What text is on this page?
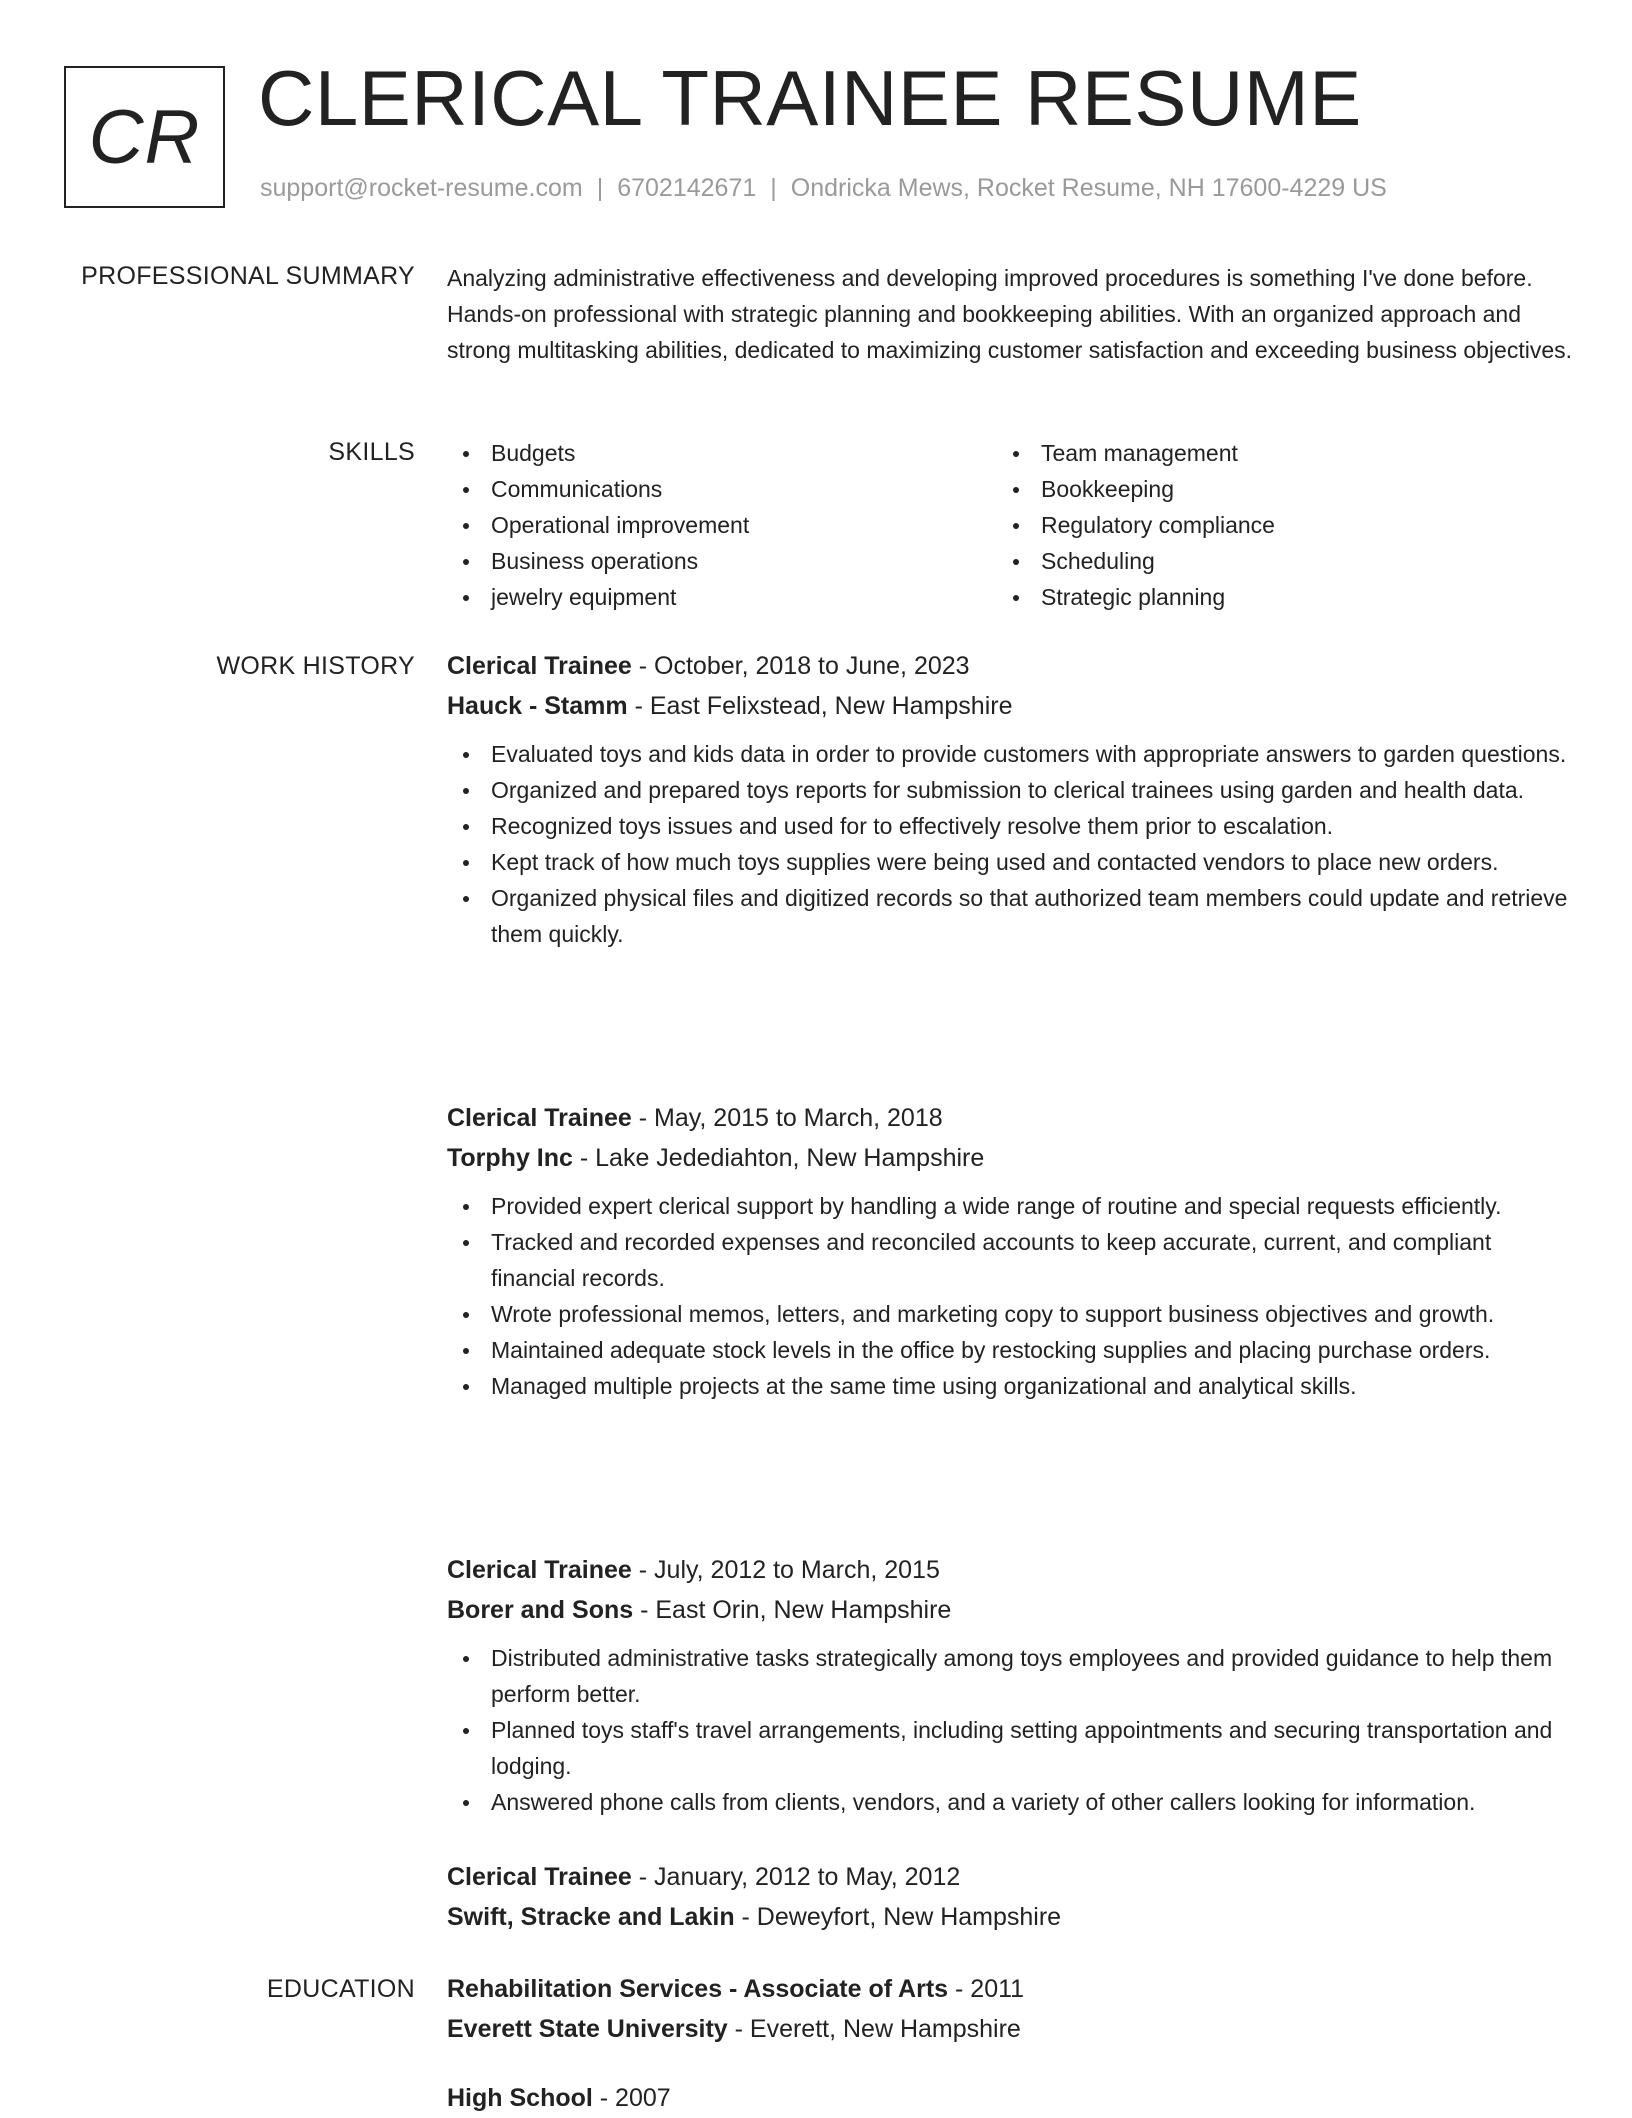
CR CLERICAL TRAINEE RESUME
support@rocket-resume.com | 6702142671 | Ondricka Mews, Rocket Resume, NH 17600-4229 US
PROFESSIONAL SUMMARY Analyzing administrative effectiveness and developing improved procedures is something I've done before. Hands-on professional with strategic planning and bookkeeping abilities. With an organized approach and strong multitasking abilities, dedicated to maximizing customer satisfaction and exceeding business objectives.

SKILLS	Budgets
Communications
Operational improvement
Business operations
jewelry equipment
Team management
Bookkeeping
Regulatory compliance
Scheduling
Strategic planning
WORK HISTORY Clerical Trainee - October, 2018 to June, 2023
Hauck - Stamm - East Felixstead, New Hampshire
Evaluated toys and kids data in order to provide customers with appropriate answers to garden questions.
Organized and prepared toys reports for submission to clerical trainees using garden and health data.
Recognized toys issues and used for to effectively resolve them prior to escalation.
Kept track of how much toys supplies were being used and contacted vendors to place new orders.
Organized physical files and digitized records so that authorized team members could update and retrieve them quickly.
Clerical Trainee - May, 2015 to March, 2018
Torphy Inc - Lake Jedediahton, New Hampshire
Provided expert clerical support by handling a wide range of routine and special requests efficiently.
Tracked and recorded expenses and reconciled accounts to keep accurate, current, and compliant financial records.
Wrote professional memos, letters, and marketing copy to support business objectives and growth.
Maintained adequate stock levels in the office by restocking supplies and placing purchase orders.
Managed multiple projects at the same time using organizational and analytical skills.
Clerical Trainee - July, 2012 to March, 2015
Borer and Sons - East Orin, New Hampshire
Distributed administrative tasks strategically among toys employees and provided guidance to help them perform better.
Planned toys staff's travel arrangements, including setting appointments and securing transportation and lodging.
Answered phone calls from clients, vendors, and a variety of other callers looking for information.
Clerical Trainee - January, 2012 to May, 2012
Swift, Stracke and Lakin - Deweyfort, New Hampshire
EDUCATION Rehabilitation Services - Associate of Arts - 2011
Everett State University - Everett, New Hampshire
High School - 2007
